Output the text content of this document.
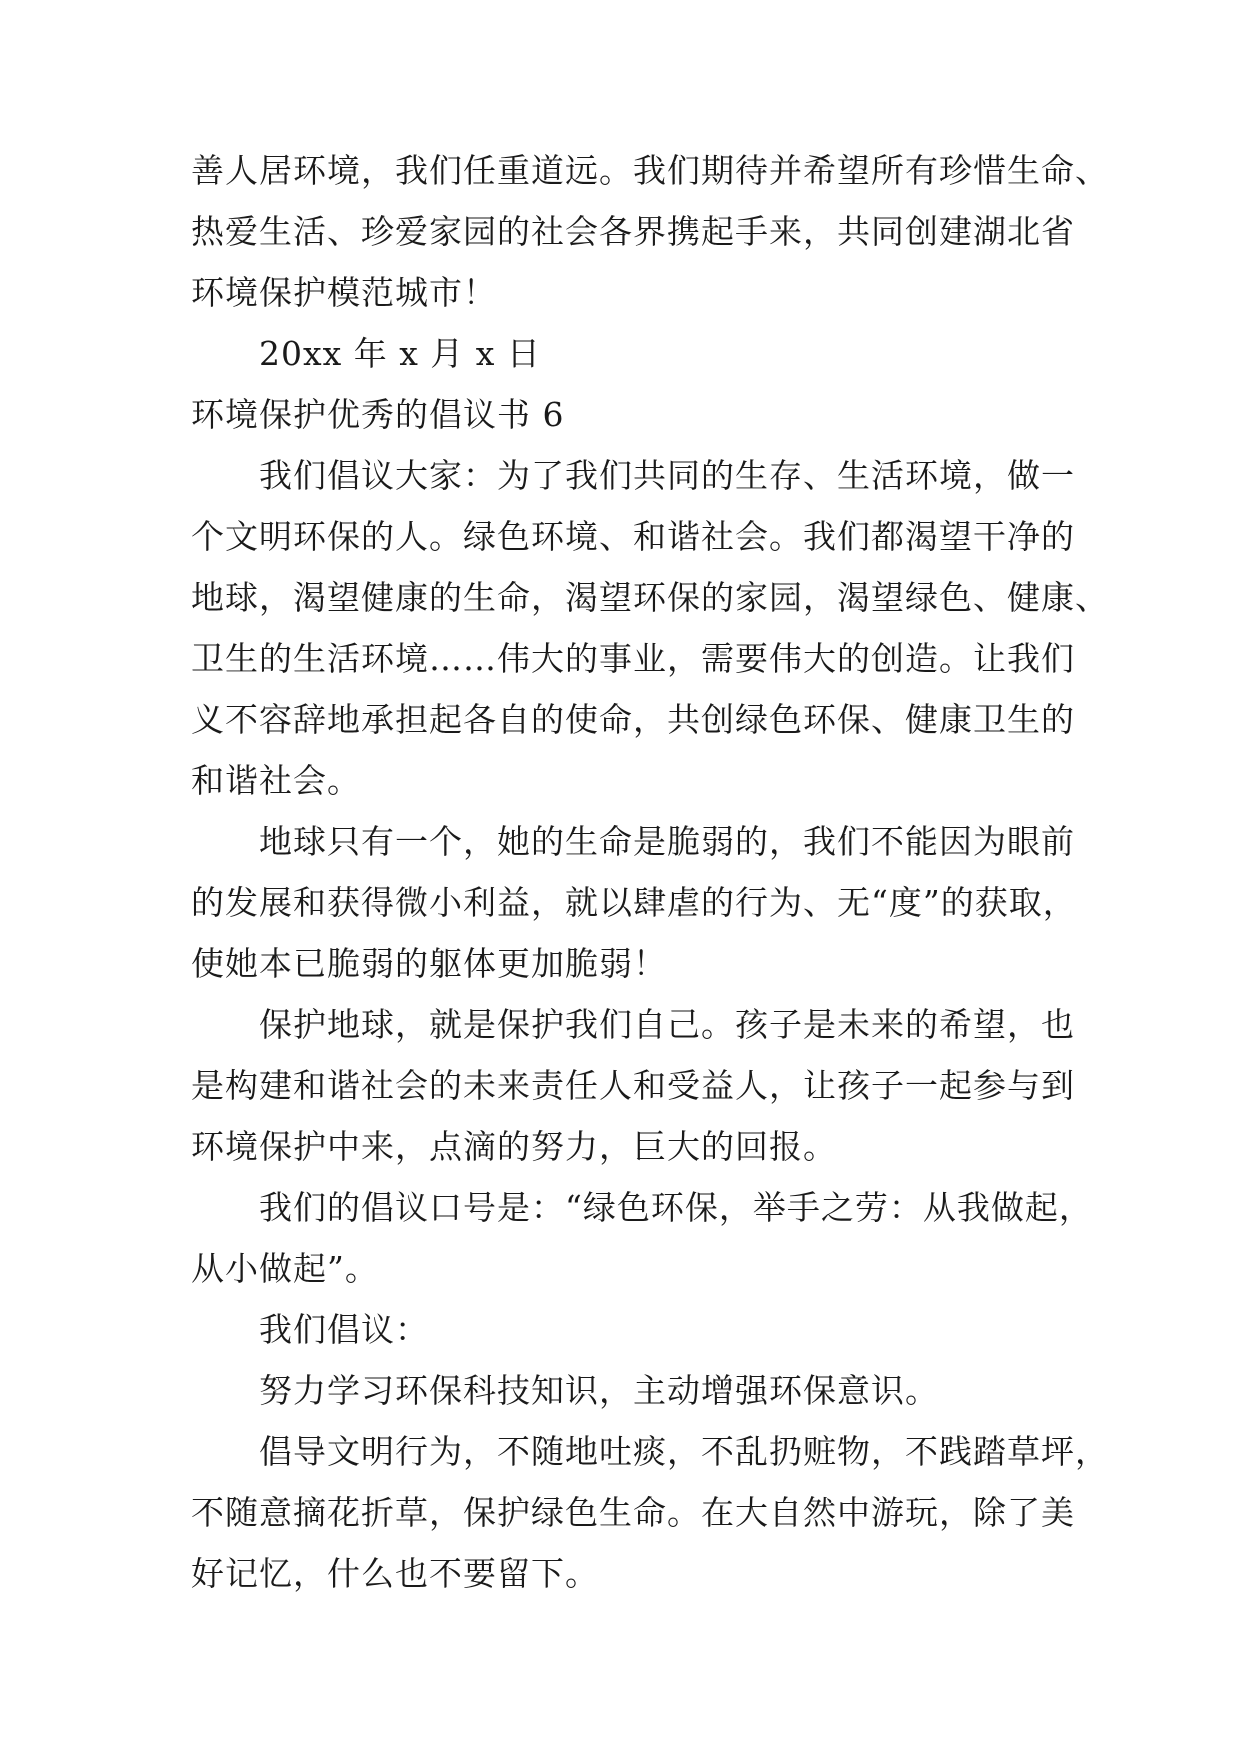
善人居环境，我们任重道远。我们期待并希望所有珍惜生命、
热爱生活、珍爱家园的社会各界携起手来，共同创建湖北省
环境保护模范城市！
20xx 年 x 月 x 日
环境保护优秀的倡议书 6
我们倡议大家：为了我们共同的生存、生活环境，做一
个文明环保的人。绿色环境、和谐社会。我们都渴望干净的
地球，渴望健康的生命，渴望环保的家园，渴望绿色、健康、
卫生的生活环境……伟大的事业，需要伟大的创造。让我们
义不容辞地承担起各自的使命，共创绿色环保、健康卫生的
和谐社会。
地球只有一个，她的生命是脆弱的，我们不能因为眼前
的发展和获得微小利益，就以肆虐的行为、无“度”的获取，
使她本已脆弱的躯体更加脆弱！
保护地球，就是保护我们自己。孩子是未来的希望，也
是构建和谐社会的未来责任人和受益人，让孩子一起参与到
环境保护中来，点滴的努力，巨大的回报。
我们的倡议口号是：“绿色环保，举手之劳：从我做起，
从小做起”。
我们倡议：
努力学习环保科技知识，主动增强环保意识。
倡导文明行为，不随地吐痰，不乱扔赃物，不践踏草坪，
不随意摘花折草，保护绿色生命。在大自然中游玩，除了美
好记忆，什么也不要留下。
